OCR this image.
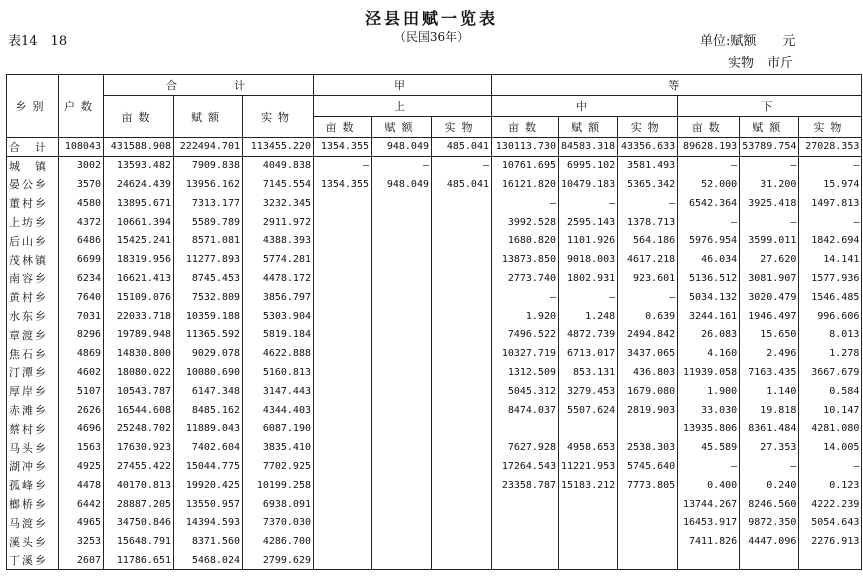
泾县田赋一览表
（民国36年）
表14　18	单位:赋额　　元
实物　市斤
乡别	户数	合　　　计			甲			等					
		亩数	赋额	实物	上			中			下		
					亩数	赋额	实物	亩数	赋额	实物	亩数	赋额	实物
合　计	108043	431588.908	222494.701	113455.220	1354.355	948.049	485.041	130113.730	84583.318	43356.633	89628.193	53789.754	27028.353
城　镇	3002	13593.482	7909.838	4049.838	—	—	—	10761.695	6995.102	3581.493	—	—	—
晏公乡	3570	24624.439	13956.162	7145.554	1354.355	948.049	485.041	16121.820	10479.183	5365.342	52.000	31.200	15.974
董村乡	4580	13895.671	7313.177	3232.345				—	—	—	6542.364	3925.418	1497.813
上坊乡	4372	10661.394	5589.789	2911.972				3992.528	2595.143	1378.713	—	—	—
后山乡	6486	15425.241	8571.081	4388.393				1680.820	1101.926	564.186	5976.954	3599.011	1842.694
茂林镇	6699	18319.956	11277.893	5774.281				13873.850	9018.003	4617.218	46.034	27.620	14.141
南容乡	6234	16621.413	8745.453	4478.172				2773.740	1802.931	923.601	5136.512	3081.907	1577.936
黄村乡	7640	15109.076	7532.809	3856.797				—	—	—	5034.132	3020.479	1546.485
水东乡	7031	22033.718	10359.188	5303.904				1.920	1.248	0.639	3244.161	1946.497	996.606
章渡乡	8296	19789.948	11365.592	5819.184				7496.522	4872.739	2494.842	26.083	15.650	8.013
焦石乡	4869	14830.800	9029.078	4622.888				10327.719	6713.017	3437.065	4.160	2.496	1.278
汀潭乡	4602	18080.022	10080.690	5160.813				1312.509	853.131	436.803	11939.058	7163.435	3667.679
厚岸乡	5107	10543.787	6147.348	3147.443				5045.312	3279.453	1679.080	1.900	1.140	0.584
赤滩乡	2626	16544.608	8485.162	4344.403				8474.037	5507.624	2819.903	33.030	19.818	10.147
蔡村乡	4696	25248.702	11889.043	6087.190							13935.806	8361.484	4281.080
马头乡	1563	17630.923	7402.604	3835.410				7627.928	4958.653	2538.303	45.589	27.353	14.005
湖冲乡	4925	27455.422	15044.775	7702.925				17264.543	11221.953	5745.640	—	—	—
孤峰乡	4478	40170.813	19920.425	10199.258				23358.787	15183.212	7773.805	0.400	0.240	0.123
榔桥乡	6442	28887.205	13550.957	6938.091							13744.267	8246.560	4222.239
马渡乡	4965	34750.846	14394.593	7370.030							16453.917	9872.350	5054.643
溪头乡	3253	15648.791	8371.560	4286.700							7411.826	4447.096	2276.913
丁溪乡	2607	11786.651	5468.024	2799.629									
